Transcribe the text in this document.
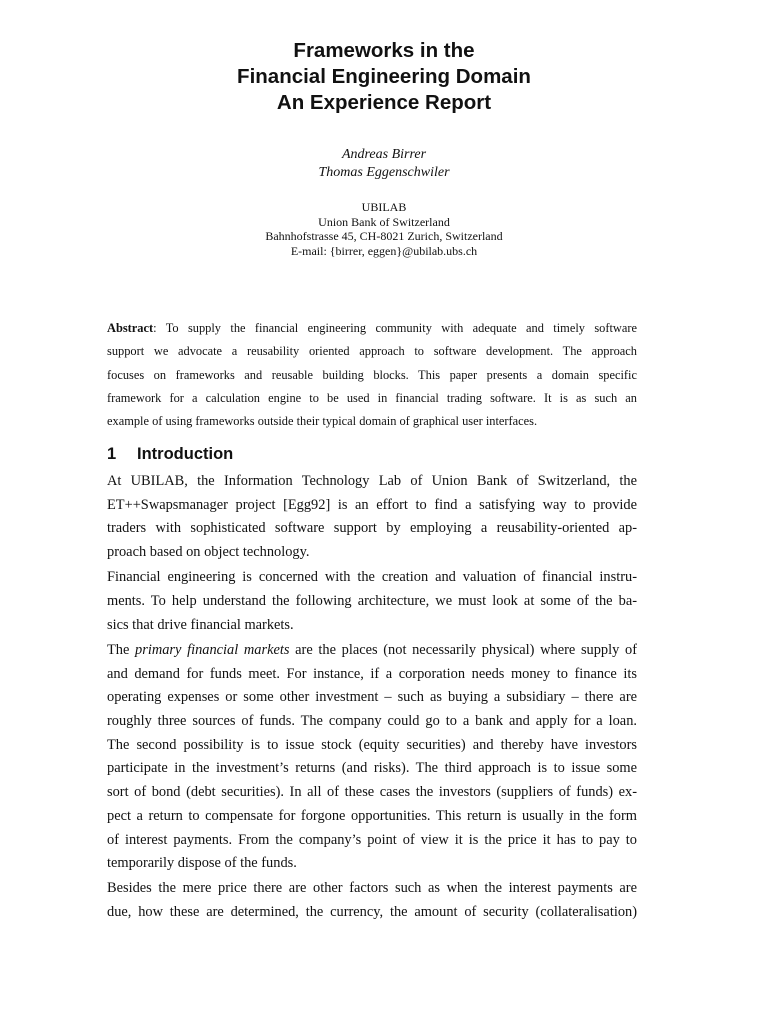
Frameworks in the
Financial Engineering Domain
An Experience Report
Andreas Birrer
Thomas Eggenschwiler
UBILAB
Union Bank of Switzerland
Bahnhofstrasse 45, CH-8021 Zurich, Switzerland
E-mail: {birrer, eggen}@ubilab.ubs.ch
Abstract: To supply the financial engineering community with adequate and timely software
support we advocate a reusability oriented approach to software development. The approach
focuses on frameworks and reusable building blocks. This paper presents a domain specific
framework for a calculation engine to be used in financial trading software. It is as such an
example of using frameworks outside their typical domain of graphical user interfaces.
1 Introduction
At UBILAB, the Information Technology Lab of Union Bank of Switzerland, the
ET++Swapsmanager project [Egg92] is an effort to find a satisfying way to provide
traders with sophisticated software support by employing a reusability-oriented ap-
proach based on object technology.
Financial engineering is concerned with the creation and valuation of financial instru-
ments. To help understand the following architecture, we must look at some of the ba-
sics that drive financial markets.
The primary financial markets are the places (not necessarily physical) where supply of
and demand for funds meet. For instance, if a corporation needs money to finance its
operating expenses or some other investment – such as buying a subsidiary – there are
roughly three sources of funds. The company could go to a bank and apply for a loan.
The second possibility is to issue stock (equity securities) and thereby have investors
participate in the investment’s returns (and risks). The third approach is to issue some
sort of bond (debt securities). In all of these cases the investors (suppliers of funds) ex-
pect a return to compensate for forgone opportunities. This return is usually in the form
of interest payments. From the company’s point of view it is the price it has to pay to
temporarily dispose of the funds.
Besides the mere price there are other factors such as when the interest payments are
due, how these are determined, the currency, the amount of security (collateralisation)
